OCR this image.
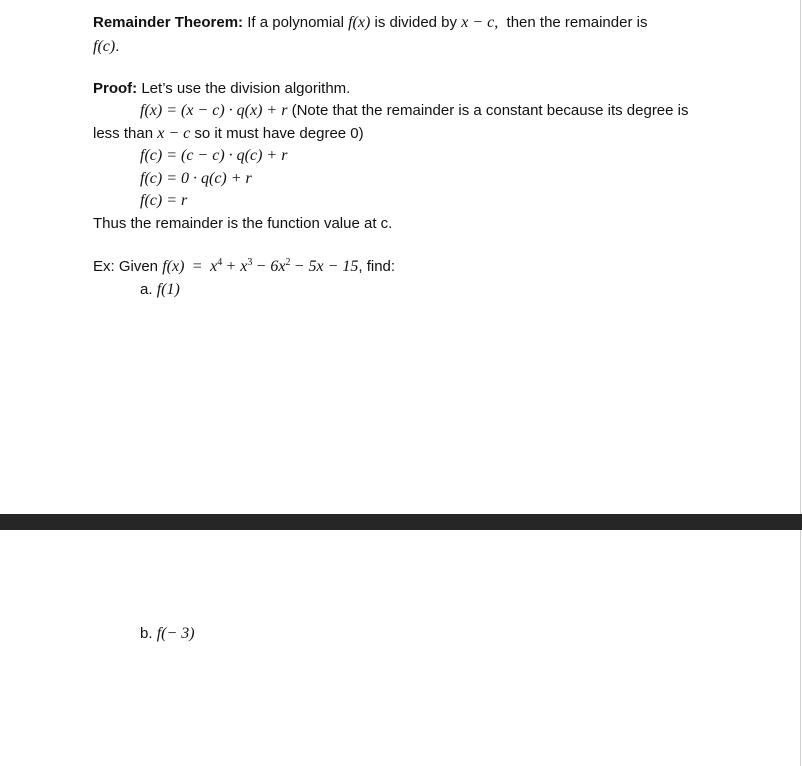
Remainder Theorem: If a polynomial f(x) is divided by x − c, then the remainder is
f(c).
Proof: Let’s use the division algorithm.
f(x) = (x − c) · q(x) + r (Note that the remainder is a constant because its degree is
less than x − c so it must have degree 0)
f(c) = (c − c) · q(c) + r
f(c) = 0 · q(c) + r
f(c) = r
Thus the remainder is the function value at c.
Ex: Given $f(x) = x^4 + x^3 - 6x^2 - 5x - 15$, find:
a. f(1)
b. f(− 3)
